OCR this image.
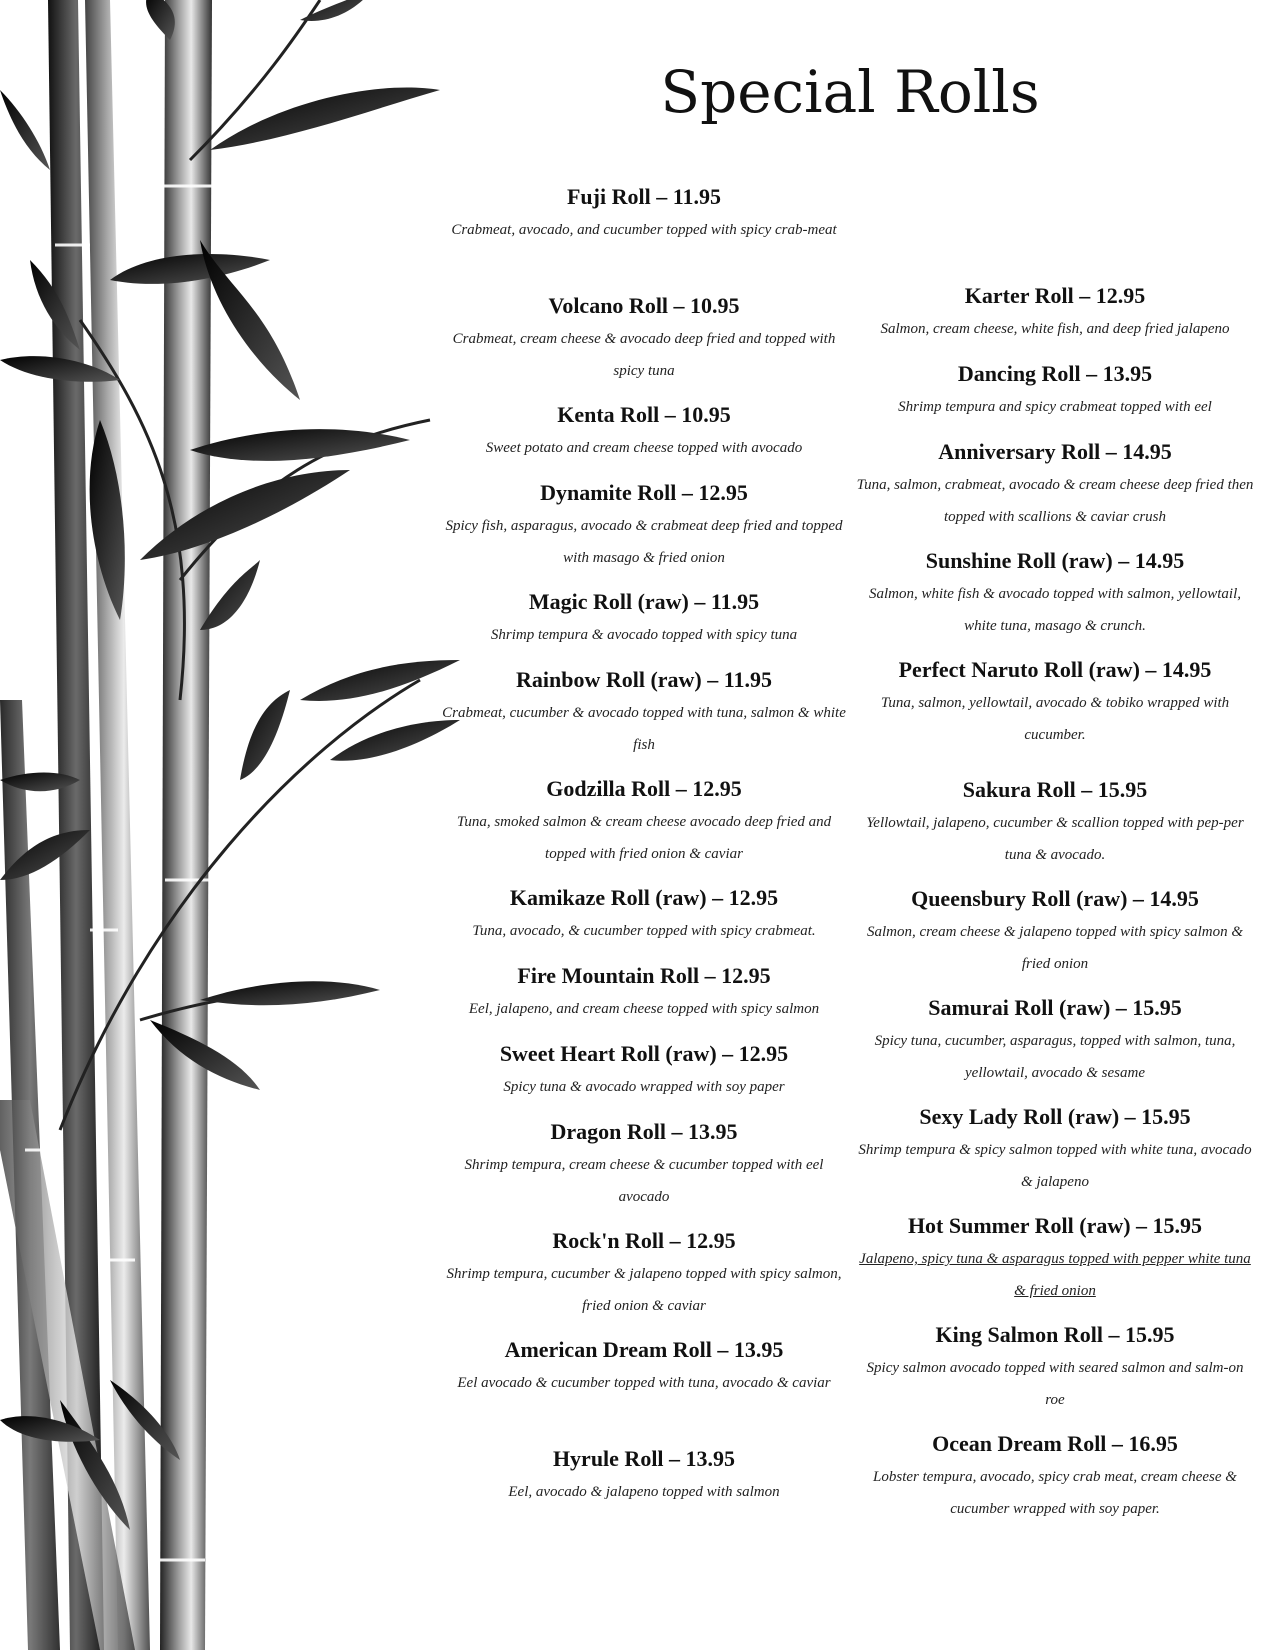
Special Rolls
Fuji Roll – 11.95
Crabmeat, avocado, and cucumber topped with spicy crab-meat
Volcano Roll – 10.95
Crabmeat, cream cheese & avocado deep fried and topped with spicy tuna
Kenta Roll – 10.95
Sweet potato and cream cheese topped with avocado
Dynamite Roll – 12.95
Spicy fish, asparagus, avocado & crabmeat deep fried and topped with masago & fried onion
Magic Roll (raw) – 11.95
Shrimp tempura & avocado topped with spicy tuna
Rainbow Roll (raw) – 11.95
Crabmeat, cucumber & avocado topped with tuna, salmon & white fish
Godzilla Roll – 12.95
Tuna, smoked salmon & cream cheese avocado deep fried and topped with fried onion & caviar
Kamikaze Roll (raw) – 12.95
Tuna, avocado, & cucumber topped with spicy crabmeat.
Fire Mountain Roll – 12.95
Eel, jalapeno, and cream cheese topped with spicy salmon
Sweet Heart Roll (raw) – 12.95
Spicy tuna & avocado wrapped with soy paper
Dragon Roll – 13.95
Shrimp tempura, cream cheese & cucumber topped with eel avocado
Rock'n Roll – 12.95
Shrimp tempura, cucumber & jalapeno topped with spicy salmon, fried onion & caviar
American Dream Roll – 13.95
Eel avocado & cucumber topped with tuna, avocado & caviar
Hyrule Roll – 13.95
Eel, avocado & jalapeno topped with salmon
Karter Roll – 12.95
Salmon, cream cheese, white fish, and deep fried jalapeno
Dancing Roll – 13.95
Shrimp tempura and spicy crabmeat topped with eel
Anniversary Roll – 14.95
Tuna, salmon, crabmeat, avocado & cream cheese deep fried then topped with scallions & caviar crush
Sunshine Roll (raw) – 14.95
Salmon, white fish & avocado topped with salmon, yellowtail, white tuna, masago & crunch.
Perfect Naruto Roll (raw) – 14.95
Tuna, salmon, yellowtail, avocado & tobiko wrapped with cucumber.
Sakura Roll – 15.95
Yellowtail, jalapeno, cucumber & scallion topped with pep-per tuna & avocado.
Queensbury Roll (raw) – 14.95
Salmon, cream cheese & jalapeno topped with spicy salmon & fried onion
Samurai Roll (raw) – 15.95
Spicy tuna, cucumber, asparagus, topped with salmon, tuna, yellowtail, avocado & sesame
Sexy Lady Roll (raw) – 15.95
Shrimp tempura & spicy salmon topped with white tuna, avocado & jalapeno
Hot Summer Roll (raw) – 15.95
Jalapeno, spicy tuna & asparagus topped with pepper white tuna & fried onion
King Salmon Roll – 15.95
Spicy salmon avocado topped with seared salmon and salm-on roe
Ocean Dream Roll – 16.95
Lobster tempura, avocado, spicy crab meat, cream cheese & cucumber wrapped with soy paper.
